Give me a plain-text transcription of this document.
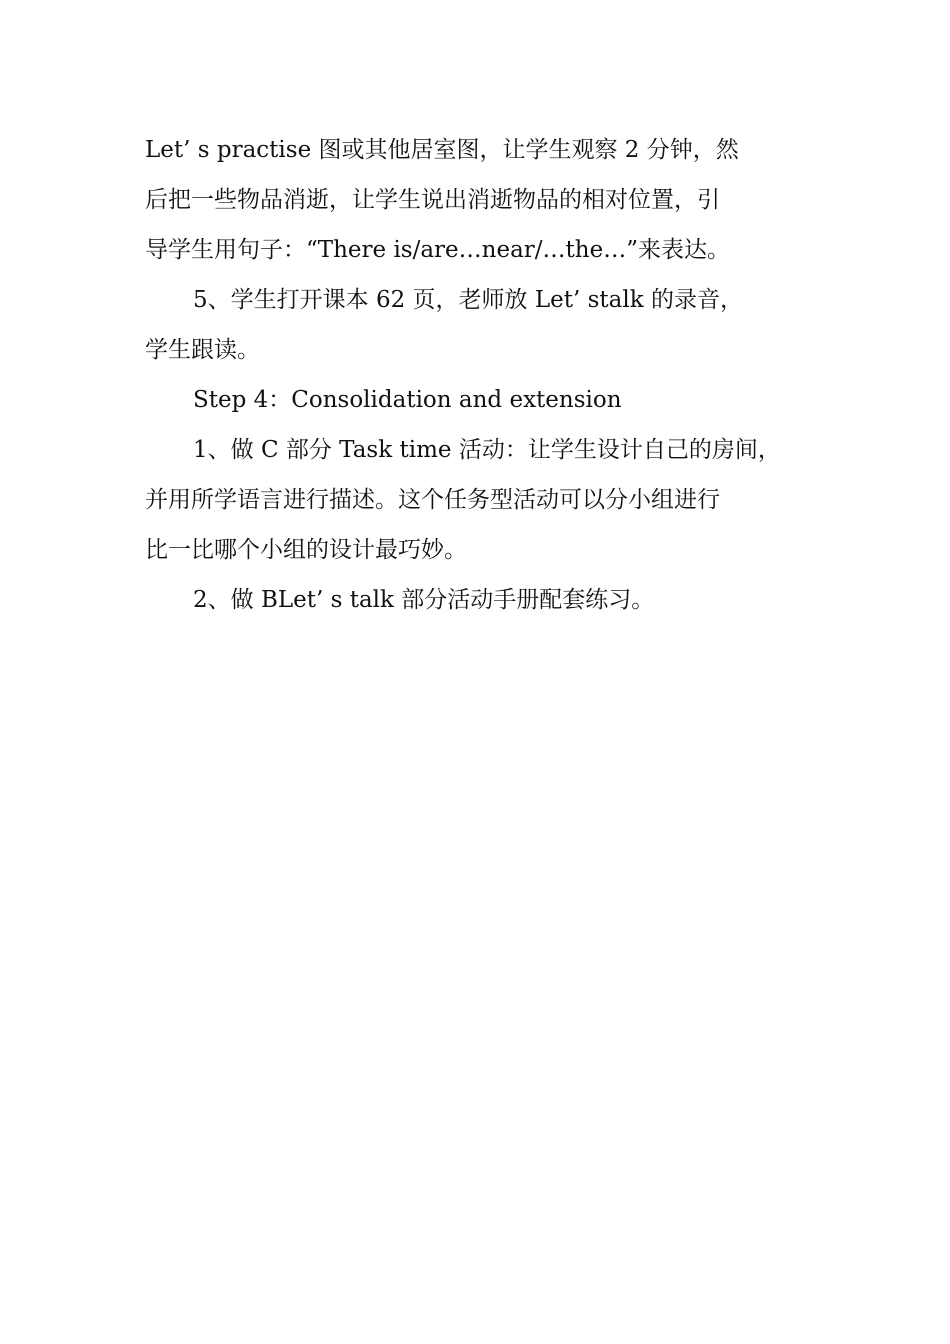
Let’ s practise 图或其他居室图，让学生观察 2 分钟，然
后把一些物品消逝，让学生说出消逝物品的相对位置，引
导学生用句子：“There is/are…near/…the…”来表达。
5、学生打开课本 62 页，老师放 Let’ stalk 的录音，
学生跟读。
Step 4：Consolidation and extension
1、做 C 部分 Task time 活动：让学生设计自己的房间，
并用所学语言进行描述。这个任务型活动可以分小组进行
比一比哪个小组的设计最巧妙。
2、做 BLet’ s talk 部分活动手册配套练习。
